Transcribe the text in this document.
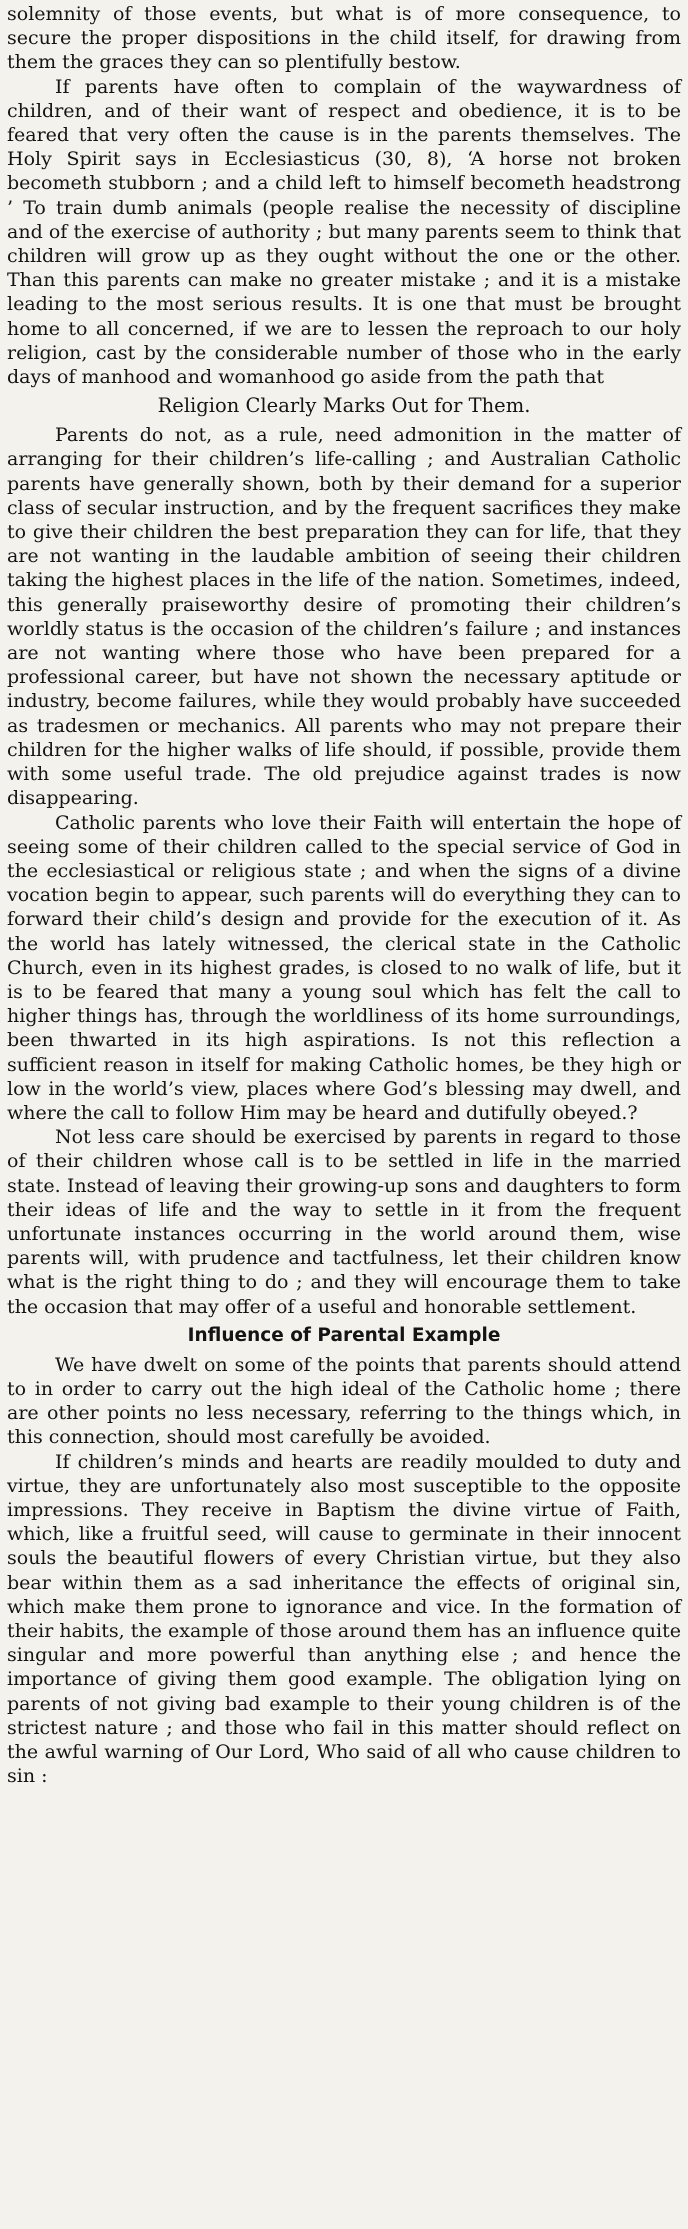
solemnity of those events, but what is of more consequence, to secure the proper dispositions in the child itself, for drawing from them the graces they can so plentifully bestow.

If parents have often to complain of the waywardness of children, and of their want of respect and obedience, it is to be feared that very often the cause is in the parents themselves. The Holy Spirit says in Ecclesiasticus (30, 8), ‘A horse not broken becometh stubborn ; and a child left to himself becometh headstrong ’ To train dumb animals (people realise the necessity of discipline and of the exercise of authority ; but many parents seem to think that children will grow up as they ought without the one or the other. Than this parents can make no greater mistake ; and it is a mistake leading to the most serious results. It is one that must be brought home to all concerned, if we are to lessen the reproach to our holy religion, cast by the considerable number of those who in the early days of manhood and womanhood go aside from the path that

Religion Clearly Marks Out for Them.

Parents do not, as a rule, need admonition in the matter of arranging for their children’s life-calling ; and Australian Catholic parents have generally shown, both by their demand for a superior class of secular instruction, and by the frequent sacrifices they make to give their children the best preparation they can for life, that they are not wanting in the laudable ambition of seeing their children taking the highest places in the life of the nation. Sometimes, indeed, this generally praiseworthy desire of promoting their children’s worldly status is the occasion of the children’s failure ; and instances are not wanting where those who have been prepared for a professional career, but have not shown the necessary aptitude or industry, become failures, while they would probably have succeeded as tradesmen or mechanics. All parents who may not prepare their children for the higher walks of life should, if possible, provide them with some useful trade. The old prejudice against trades is now disappearing.

Catholic parents who love their Faith will entertain the hope of seeing some of their children called to the special service of God in the ecclesiastical or religious state ; and when the signs of a divine vocation begin to appear, such parents will do everything they can to forward their child’s design and provide for the execution of it. As the world has lately witnessed, the clerical state in the Catholic Church, even in its highest grades, is closed to no walk of life, but it is to be feared that many a young soul which has felt the call to higher things has, through the worldliness of its home surroundings, been thwarted in its high aspirations. Is not this reflection a sufficient reason in itself for making Catholic homes, be they high or low in the world’s view, places where God’s blessing may dwell, and where the call to follow Him may be heard and dutifully obeyed.?

Not less care should be exercised by parents in regard to those of their children whose call is to be settled in life in the married state. Instead of leaving their growing-up sons and daughters to form their ideas of life and the way to settle in it from the frequent unfortunate instances occurring in the world around them, wise parents will, with prudence and tactfulness, let their children know what is the right thing to do ; and they will encourage them to take the occasion that may offer of a useful and honorable settlement.

Influence of Parental Example

We have dwelt on some of the points that parents should attend to in order to carry out the high ideal of the Catholic home ; there are other points no less necessary, referring to the things which, in this connection, should most carefully be avoided.

If children’s minds and hearts are readily moulded to duty and virtue, they are unfortunately also most susceptible to the opposite impressions. They receive in Baptism the divine virtue of Faith, which, like a fruitful seed, will cause to germinate in their innocent souls the beautiful flowers of every Christian virtue, but they also bear within them as a sad inheritance the effects of original sin, which make them prone to ignorance and vice. In the formation of their habits, the example of those around them has an influence quite singular and more powerful than anything else ; and hence the importance of giving them good example. The obligation lying on parents of not giving bad example to their young children is of the strictest nature ; and those who fail in this matter should reflect on the awful warning of Our Lord, Who said of all who cause children to sin :
